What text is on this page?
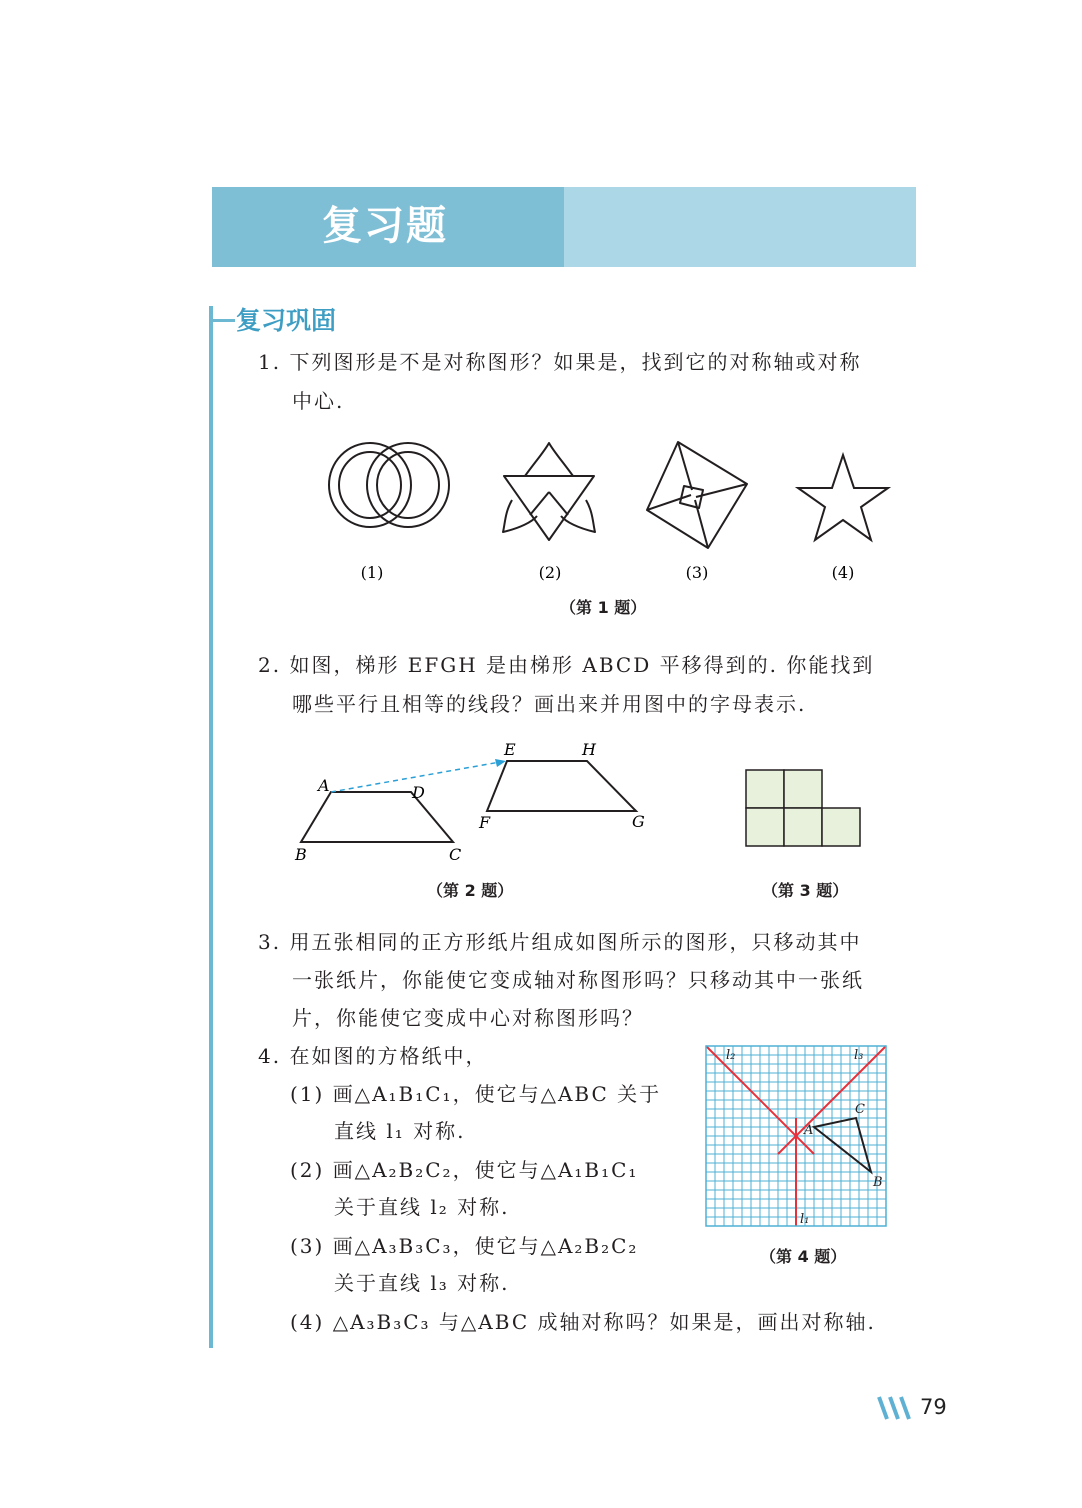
复习题
复习巩固
1. 下列图形是不是对称图形？如果是，找到它的对称轴或对称
中心.
(1)	(2)	(3)	(4)
（第 1 题）
2. 如图，梯形 EFGH 是由梯形 ABCD 平移得到的. 你能找到
哪些平行且相等的线段？画出来并用图中的字母表示.
A	D
B	C
E	H
F	G
（第 2 题）	（第 3 题）
3. 用五张相同的正方形纸片组成如图所示的图形，只移动其中
一张纸片，你能使它变成轴对称图形吗？只移动其中一张纸
片，你能使它变成中心对称图形吗？
4. 在如图的方格纸中，
(1) 画△A₁B₁C₁，使它与△ABC 关于
直线 l₁ 对称.
(2) 画△A₂B₂C₂，使它与△A₁B₁C₁
关于直线 l₂ 对称.
(3) 画△A₃B₃C₃，使它与△A₂B₂C₂
关于直线 l₃ 对称.
(4) △A₃B₃C₃ 与△ABC 成轴对称吗？如果是，画出对称轴.
l₂	l₃
l₁
A
C
B
（第 4 题）
79
